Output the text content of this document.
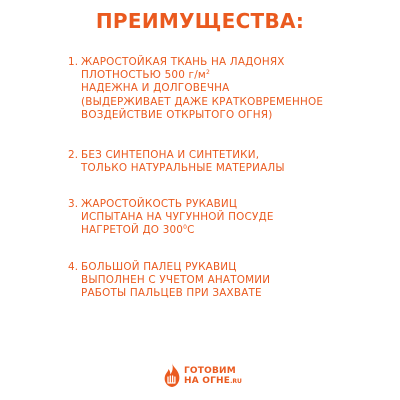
ПРЕИМУЩЕСТВА:
1. ЖАРОСТОЙКАЯ ТКАНЬ НА ЛАДОНЯХ
ПЛОТНОСТЬЮ 500 $г/м^2$
НАДЕЖНА И ДОЛГОВЕЧНА
(ВЫДЕРЖИВАЕТ ДАЖЕ КРАТКОВРЕМЕННОЕ
ВОЗДЕЙСТВИЕ ОТКРЫТОГО ОГНЯ)
2. БЕЗ СИНТЕПОНА И СИНТЕТИКИ,
ТОЛЬКО НАТУРАЛЬНЫЕ МАТЕРИАЛЫ
3. ЖАРОСТОЙКОСТЬ РУКАВИЦ
ИСПЫТАНА НА ЧУГУННОЙ ПОСУДЕ
НАГРЕТОЙ ДО $300^0С$
4. БОЛЬШОЙ ПАЛЕЦ РУКАВИЦ
ВЫПОЛНЕН С УЧЕТОМ АНАТОМИИ
РАБОТЫ ПАЛЬЦЕВ ПРИ ЗАХВАТЕ
ГОТОВИМ
НА ОГНЕ.RU
